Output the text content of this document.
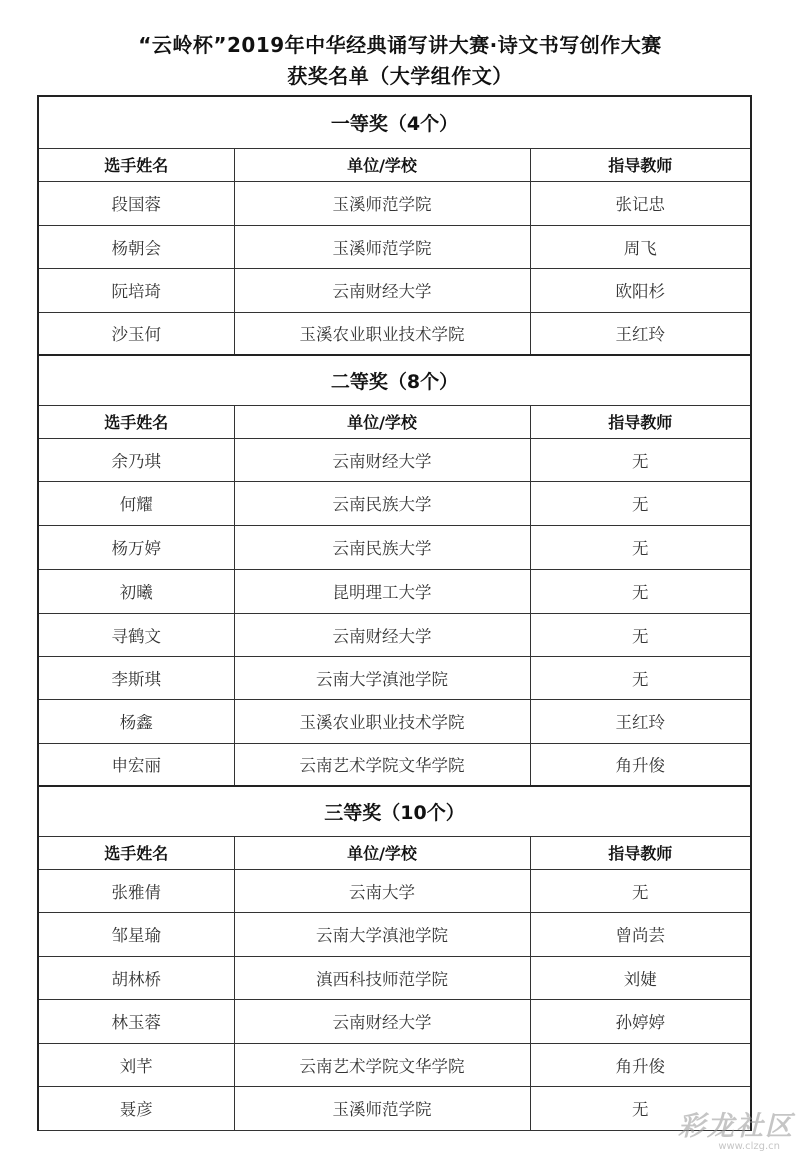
“云岭杯”2019年中华经典诵写讲大赛·诗文书写创作大赛
获奖名单（大学组作文）
一等奖（4个）		
选手姓名	单位/学校	指导教师
段国蓉	玉溪师范学院	张记忠
杨朝会	玉溪师范学院	周飞
阮培琦	云南财经大学	欧阳杉
沙玉何	玉溪农业职业技术学院	王红玲
二等奖（8个）		
选手姓名	单位/学校	指导教师
余乃琪	云南财经大学	无
何耀	云南民族大学	无
杨万婷	云南民族大学	无
初曦	昆明理工大学	无
寻鹤文	云南财经大学	无
李斯琪	云南大学滇池学院	无
杨鑫	玉溪农业职业技术学院	王红玲
申宏丽	云南艺术学院文华学院	角升俊
三等奖（10个）		
选手姓名	单位/学校	指导教师
张雅倩	云南大学	无
邹星瑜	云南大学滇池学院	曾尚芸
胡林桥	滇西科技师范学院	刘婕
林玉蓉	云南财经大学	孙婷婷
刘芊	云南艺术学院文华学院	角升俊
聂彦	玉溪师范学院	无
彩龙社区
www.clzg.cn
